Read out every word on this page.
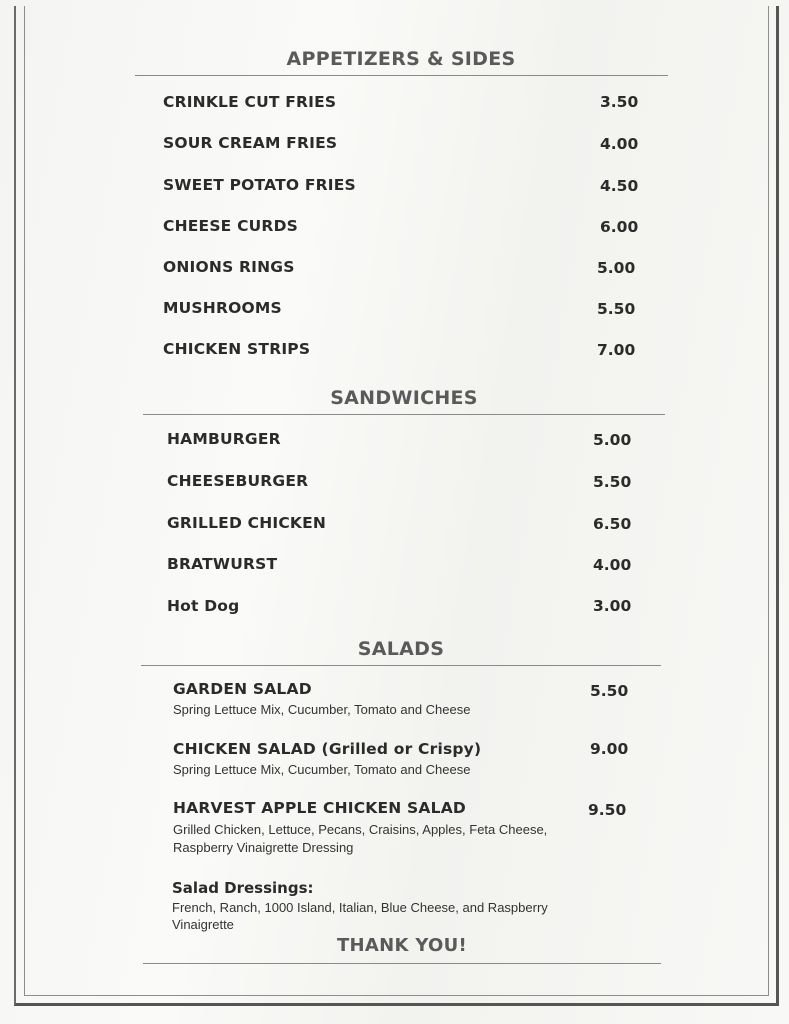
APPETIZERS & SIDES
CRINKLE CUT FRIES	3.50
SOUR CREAM FRIES	4.00
SWEET POTATO FRIES	4.50
CHEESE CURDS	6.00
ONIONS RINGS	5.00
MUSHROOMS	5.50
CHICKEN STRIPS	7.00
SANDWICHES
HAMBURGER	5.00
CHEESEBURGER	5.50
GRILLED CHICKEN	6.50
BRATWURST	4.00
Hot Dog	3.00
SALADS
GARDEN SALAD	5.50
Spring Lettuce Mix, Cucumber, Tomato and Cheese
CHICKEN SALAD (Grilled or Crispy)	9.00
Spring Lettuce Mix, Cucumber, Tomato and Cheese
HARVEST APPLE CHICKEN SALAD	9.50
Grilled Chicken, Lettuce, Pecans, Craisins, Apples, Feta Cheese,
Raspberry Vinaigrette Dressing
Salad Dressings:
French, Ranch, 1000 Island, Italian, Blue Cheese, and Raspberry Vinaigrette
THANK YOU!
